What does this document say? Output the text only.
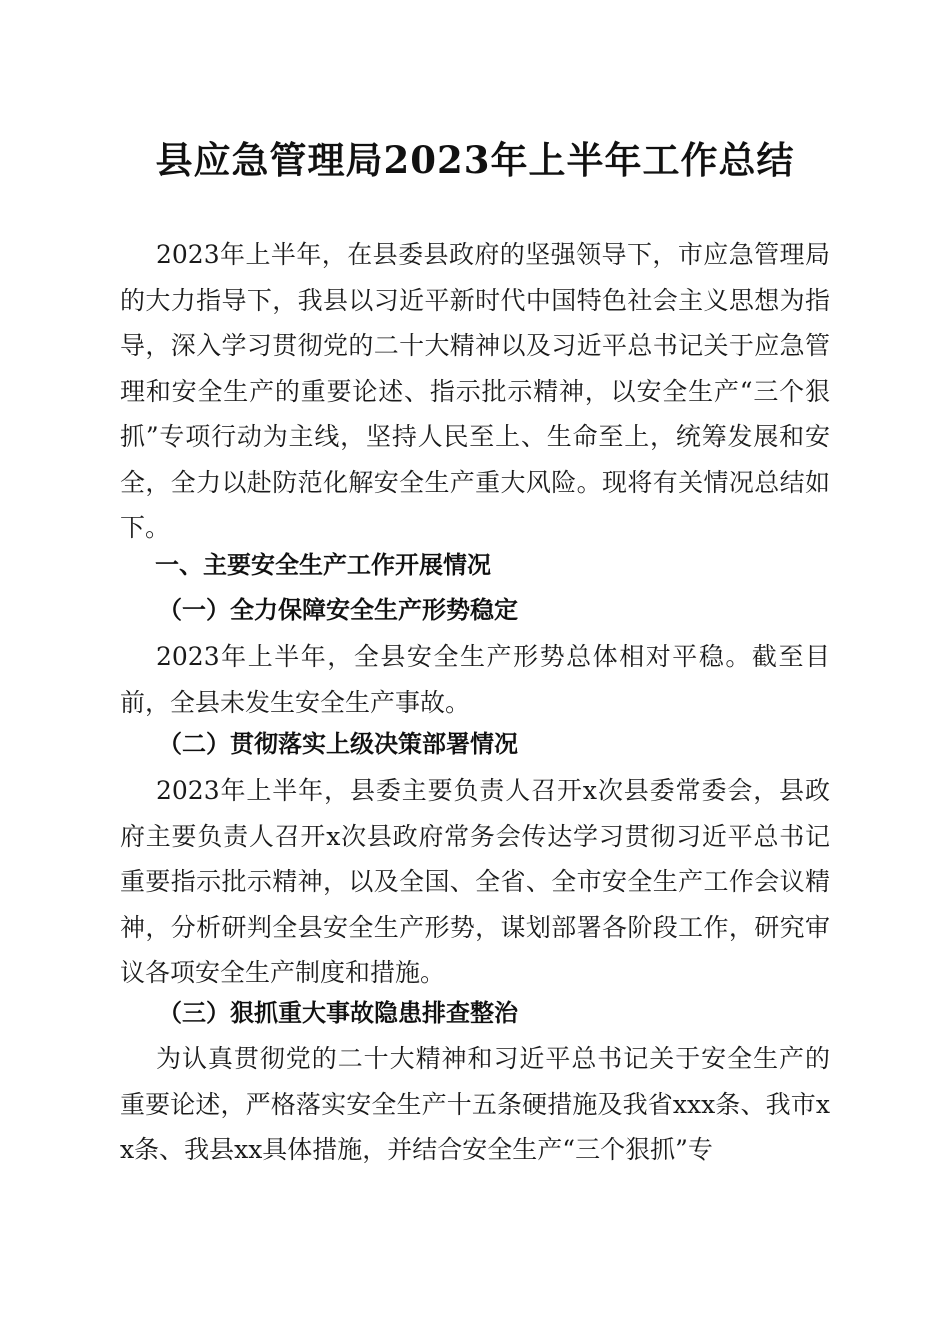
县应急管理局2023年上半年工作总结

2023年上半年，在县委县政府的坚强领导下，市应急管理局的大力指导下，我县以习近平新时代中国特色社会主义思想为指导，深入学习贯彻党的二十大精神以及习近平总书记关于应急管理和安全生产的重要论述、指示批示精神，以安全生产“三个狠抓”专项行动为主线，坚持人民至上、生命至上，统筹发展和安全，全力以赴防范化解安全生产重大风险。现将有关情况总结如下。

一、主要安全生产工作开展情况
（一）全力保障安全生产形势稳定

2023年上半年，全县安全生产形势总体相对平稳。截至目前，全县未发生安全生产事故。

（二）贯彻落实上级决策部署情况

2023年上半年，县委主要负责人召开x次县委常委会，县政府主要负责人召开x次县政府常务会传达学习贯彻习近平总书记重要指示批示精神，以及全国、全省、全市安全生产工作会议精神，分析研判全县安全生产形势，谋划部署各阶段工作，研究审议各项安全生产制度和措施。

（三）狠抓重大事故隐患排查整治

为认真贯彻党的二十大精神和习近平总书记关于安全生产的重要论述，严格落实安全生产十五条硬措施及我省xxx条、我市xx条、我县xx具体措施，并结合安全生产“三个狠抓”专
